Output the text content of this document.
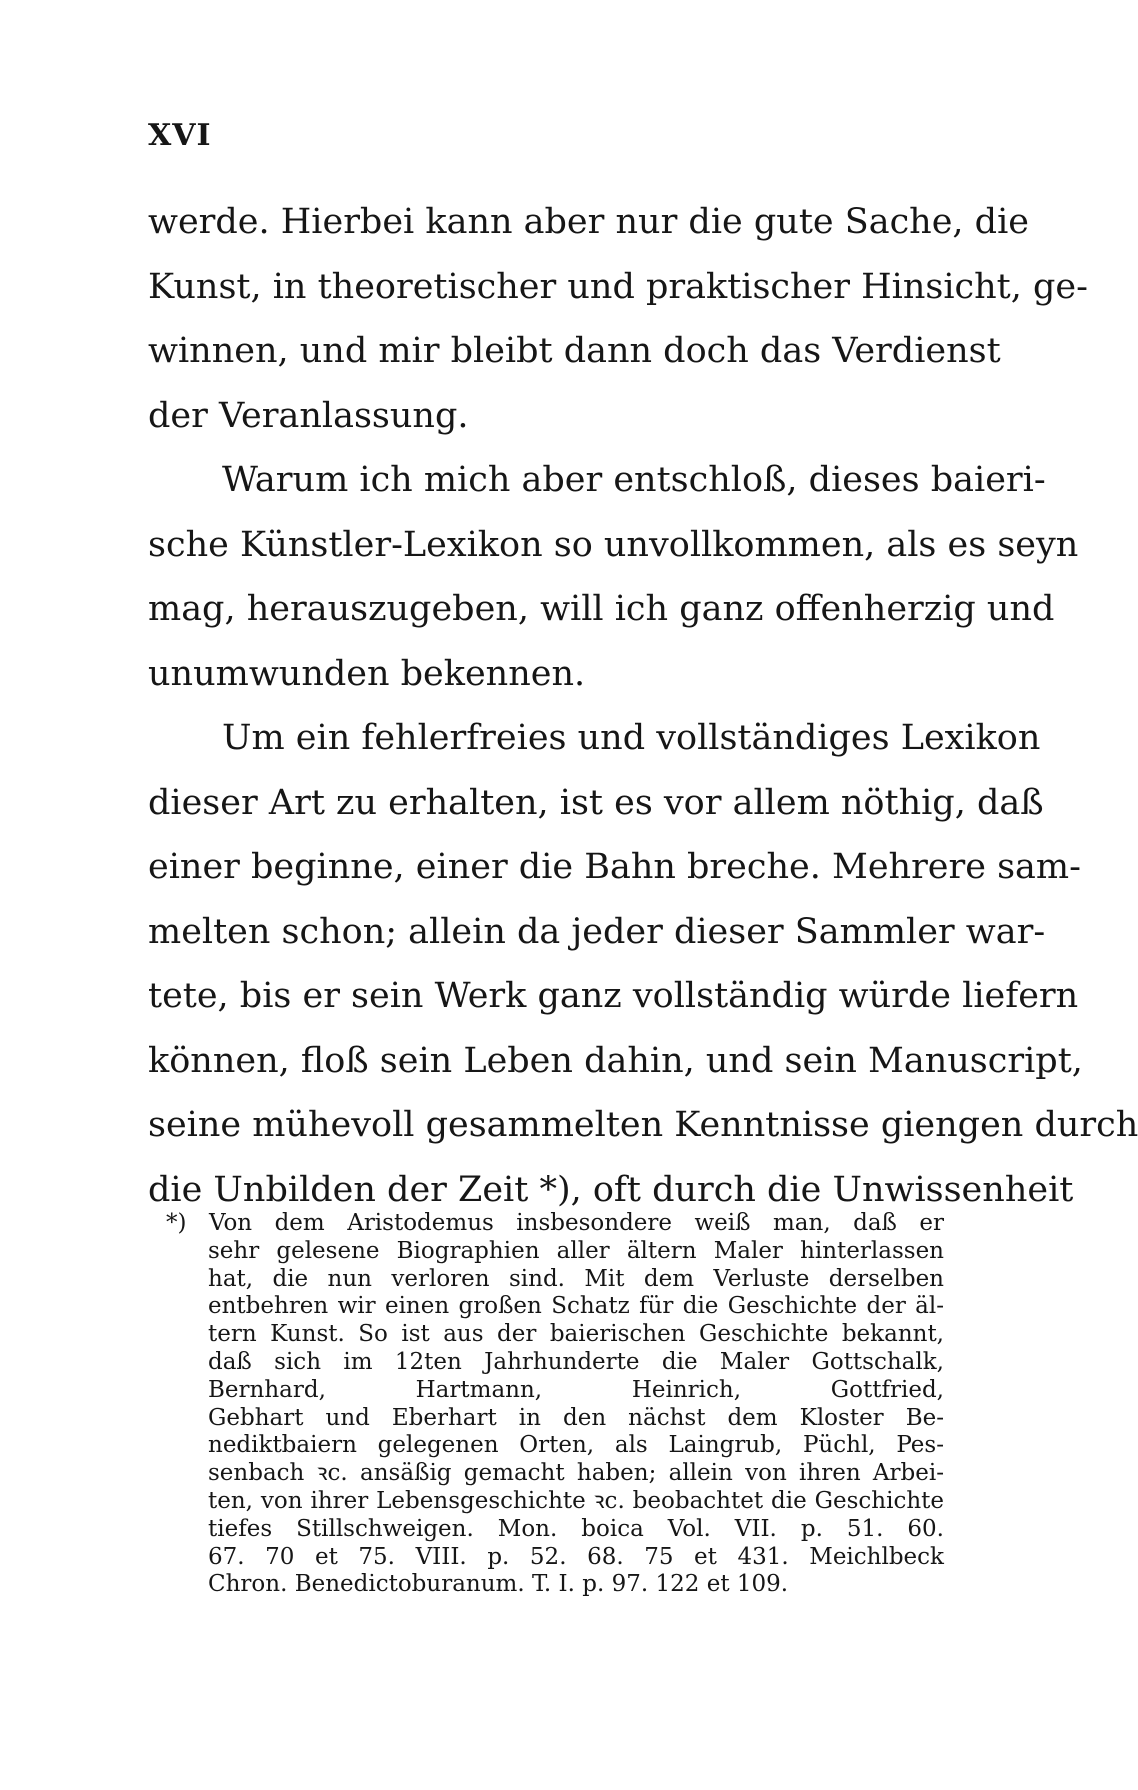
XVI

werde. Hierbei kann aber nur die gute Sache, die
Kunst, in theoretischer und praktischer Hinsicht, ge-
winnen, und mir bleibt dann doch das Verdienst
der Veranlassung.
Warum ich mich aber entschloß, dieses baieri-
sche Künstler-Lexikon so unvollkommen, als es seyn
mag, herauszugeben, will ich ganz offenherzig und
unumwunden bekennen.
Um ein fehlerfreies und vollständiges Lexikon
dieser Art zu erhalten, ist es vor allem nöthig, daß
einer beginne, einer die Bahn breche. Mehrere sam-
melten schon; allein da jeder dieser Sammler war-
tete, bis er sein Werk ganz vollständig würde liefern
können, floß sein Leben dahin, und sein Manuscript,
seine mühevoll gesammelten Kenntnisse giengen durch
die Unbilden der Zeit *), oft durch die Unwissenheit
*) Von dem Aristodemus insbesondere weiß man, daß er
sehr gelesene Biographien aller ältern Maler hinterlassen
hat, die nun verloren sind. Mit dem Verluste derselben
entbehren wir einen großen Schatz für die Geschichte der äl-
tern Kunst. So ist aus der baierischen Geschichte bekannt,
daß sich im 12ten Jahrhunderte die Maler Gottschalk,
Bernhard, Hartmann, Heinrich, Gottfried,
Gebhart und Eberhart in den nächst dem Kloster Be-
nediktbaiern gelegenen Orten, als Laingrub, Püchl, Pes-
senbach ꝛc. ansäßig gemacht haben; allein von ihren Arbei-
ten, von ihrer Lebensgeschichte ꝛc. beobachtet die Geschichte
tiefes Stillschweigen. Mon. boica Vol. VII. p. 51. 60.
67. 70 et 75. VIII. p. 52. 68. 75 et 431. Meichlbeck
Chron. Benedictoburanum. T. I. p. 97. 122 et 109.
